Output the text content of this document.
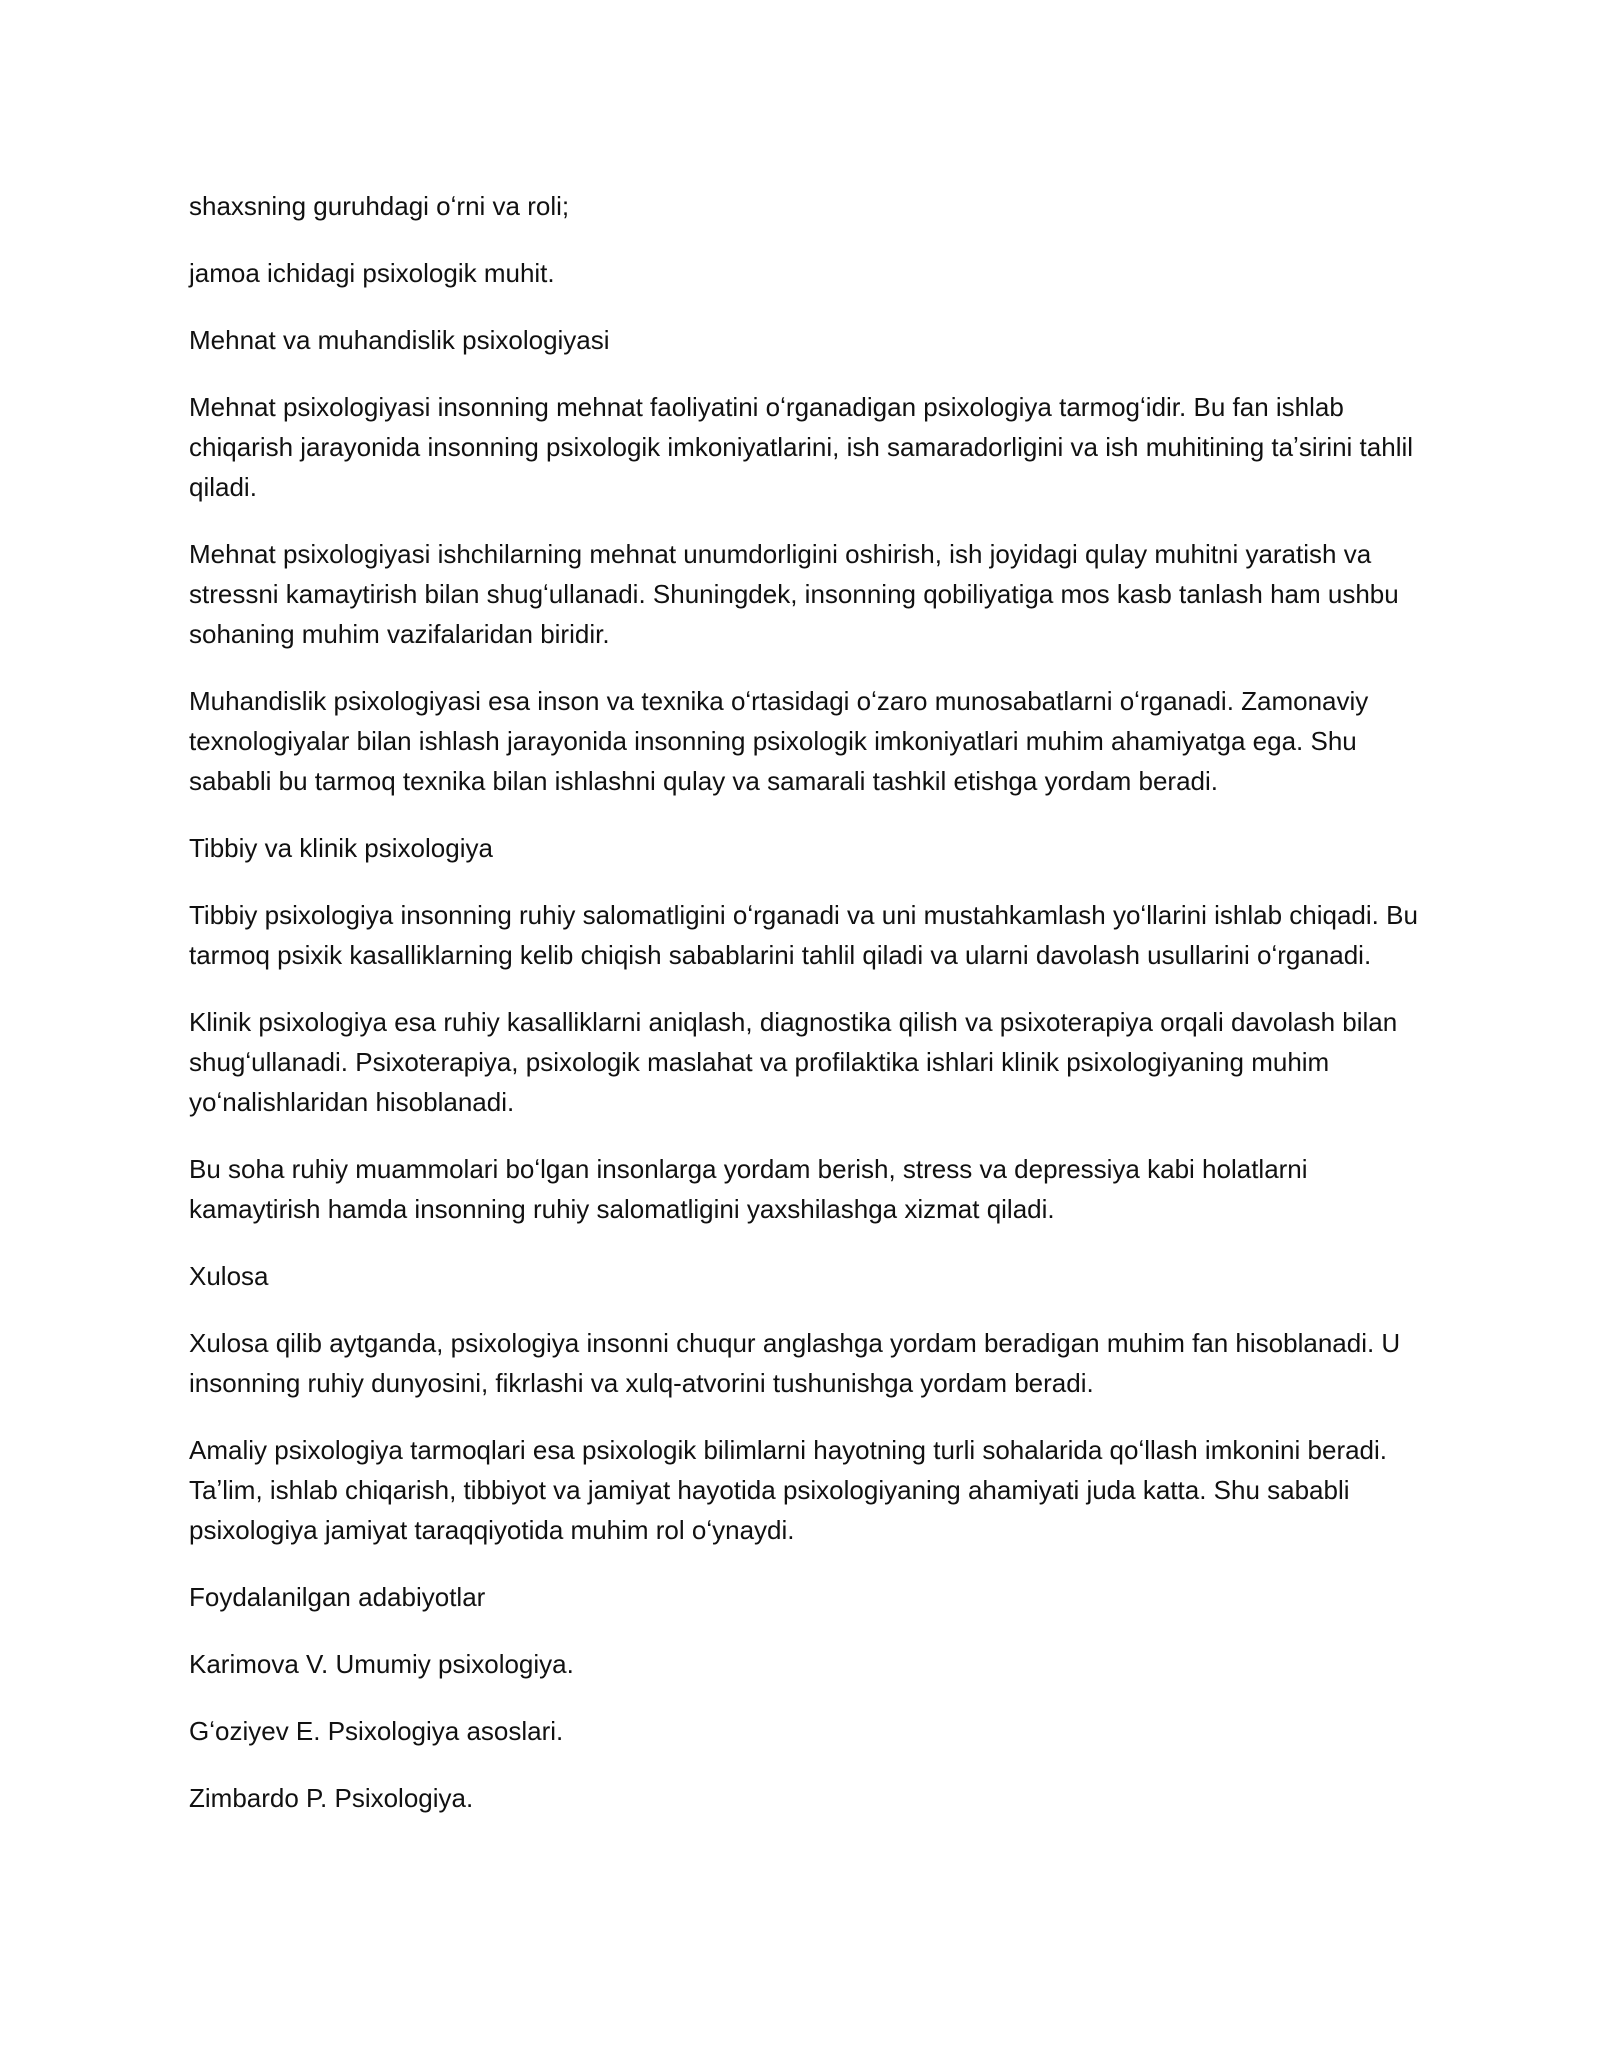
shaxsning guruhdagi oʻrni va roli;

jamoa ichidagi psixologik muhit.

Mehnat va muhandislik psixologiyasi

Mehnat psixologiyasi insonning mehnat faoliyatini oʻrganadigan psixologiya tarmogʻidir. Bu fan ishlab chiqarish jarayonida insonning psixologik imkoniyatlarini, ish samaradorligini va ish muhitining taʼsirini tahlil qiladi.

Mehnat psixologiyasi ishchilarning mehnat unumdorligini oshirish, ish joyidagi qulay muhitni yaratish va stressni kamaytirish bilan shugʻullanadi. Shuningdek, insonning qobiliyatiga mos kasb tanlash ham ushbu sohaning muhim vazifalaridan biridir.

Muhandislik psixologiyasi esa inson va texnika oʻrtasidagi oʻzaro munosabatlarni oʻrganadi. Zamonaviy texnologiyalar bilan ishlash jarayonida insonning psixologik imkoniyatlari muhim ahamiyatga ega. Shu sababli bu tarmoq texnika bilan ishlashni qulay va samarali tashkil etishga yordam beradi.

Tibbiy va klinik psixologiya

Tibbiy psixologiya insonning ruhiy salomatligini oʻrganadi va uni mustahkamlash yoʻllarini ishlab chiqadi. Bu tarmoq psixik kasalliklarning kelib chiqish sabablarini tahlil qiladi va ularni davolash usullarini oʻrganadi.

Klinik psixologiya esa ruhiy kasalliklarni aniqlash, diagnostika qilish va psixoterapiya orqali davolash bilan shugʻullanadi. Psixoterapiya, psixologik maslahat va profilaktika ishlari klinik psixologiyaning muhim yoʻnalishlaridan hisoblanadi.

Bu soha ruhiy muammolari boʻlgan insonlarga yordam berish, stress va depressiya kabi holatlarni kamaytirish hamda insonning ruhiy salomatligini yaxshilashga xizmat qiladi.

Xulosa

Xulosa qilib aytganda, psixologiya insonni chuqur anglashga yordam beradigan muhim fan hisoblanadi. U insonning ruhiy dunyosini, fikrlashi va xulq-atvorini tushunishga yordam beradi.

Amaliy psixologiya tarmoqlari esa psixologik bilimlarni hayotning turli sohalarida qoʻllash imkonini beradi. Taʼlim, ishlab chiqarish, tibbiyot va jamiyat hayotida psixologiyaning ahamiyati juda katta. Shu sababli psixologiya jamiyat taraqqiyotida muhim rol oʻynaydi.

Foydalanilgan adabiyotlar

Karimova V. Umumiy psixologiya.

Gʻoziyev E. Psixologiya asoslari.

Zimbardo P. Psixologiya.
